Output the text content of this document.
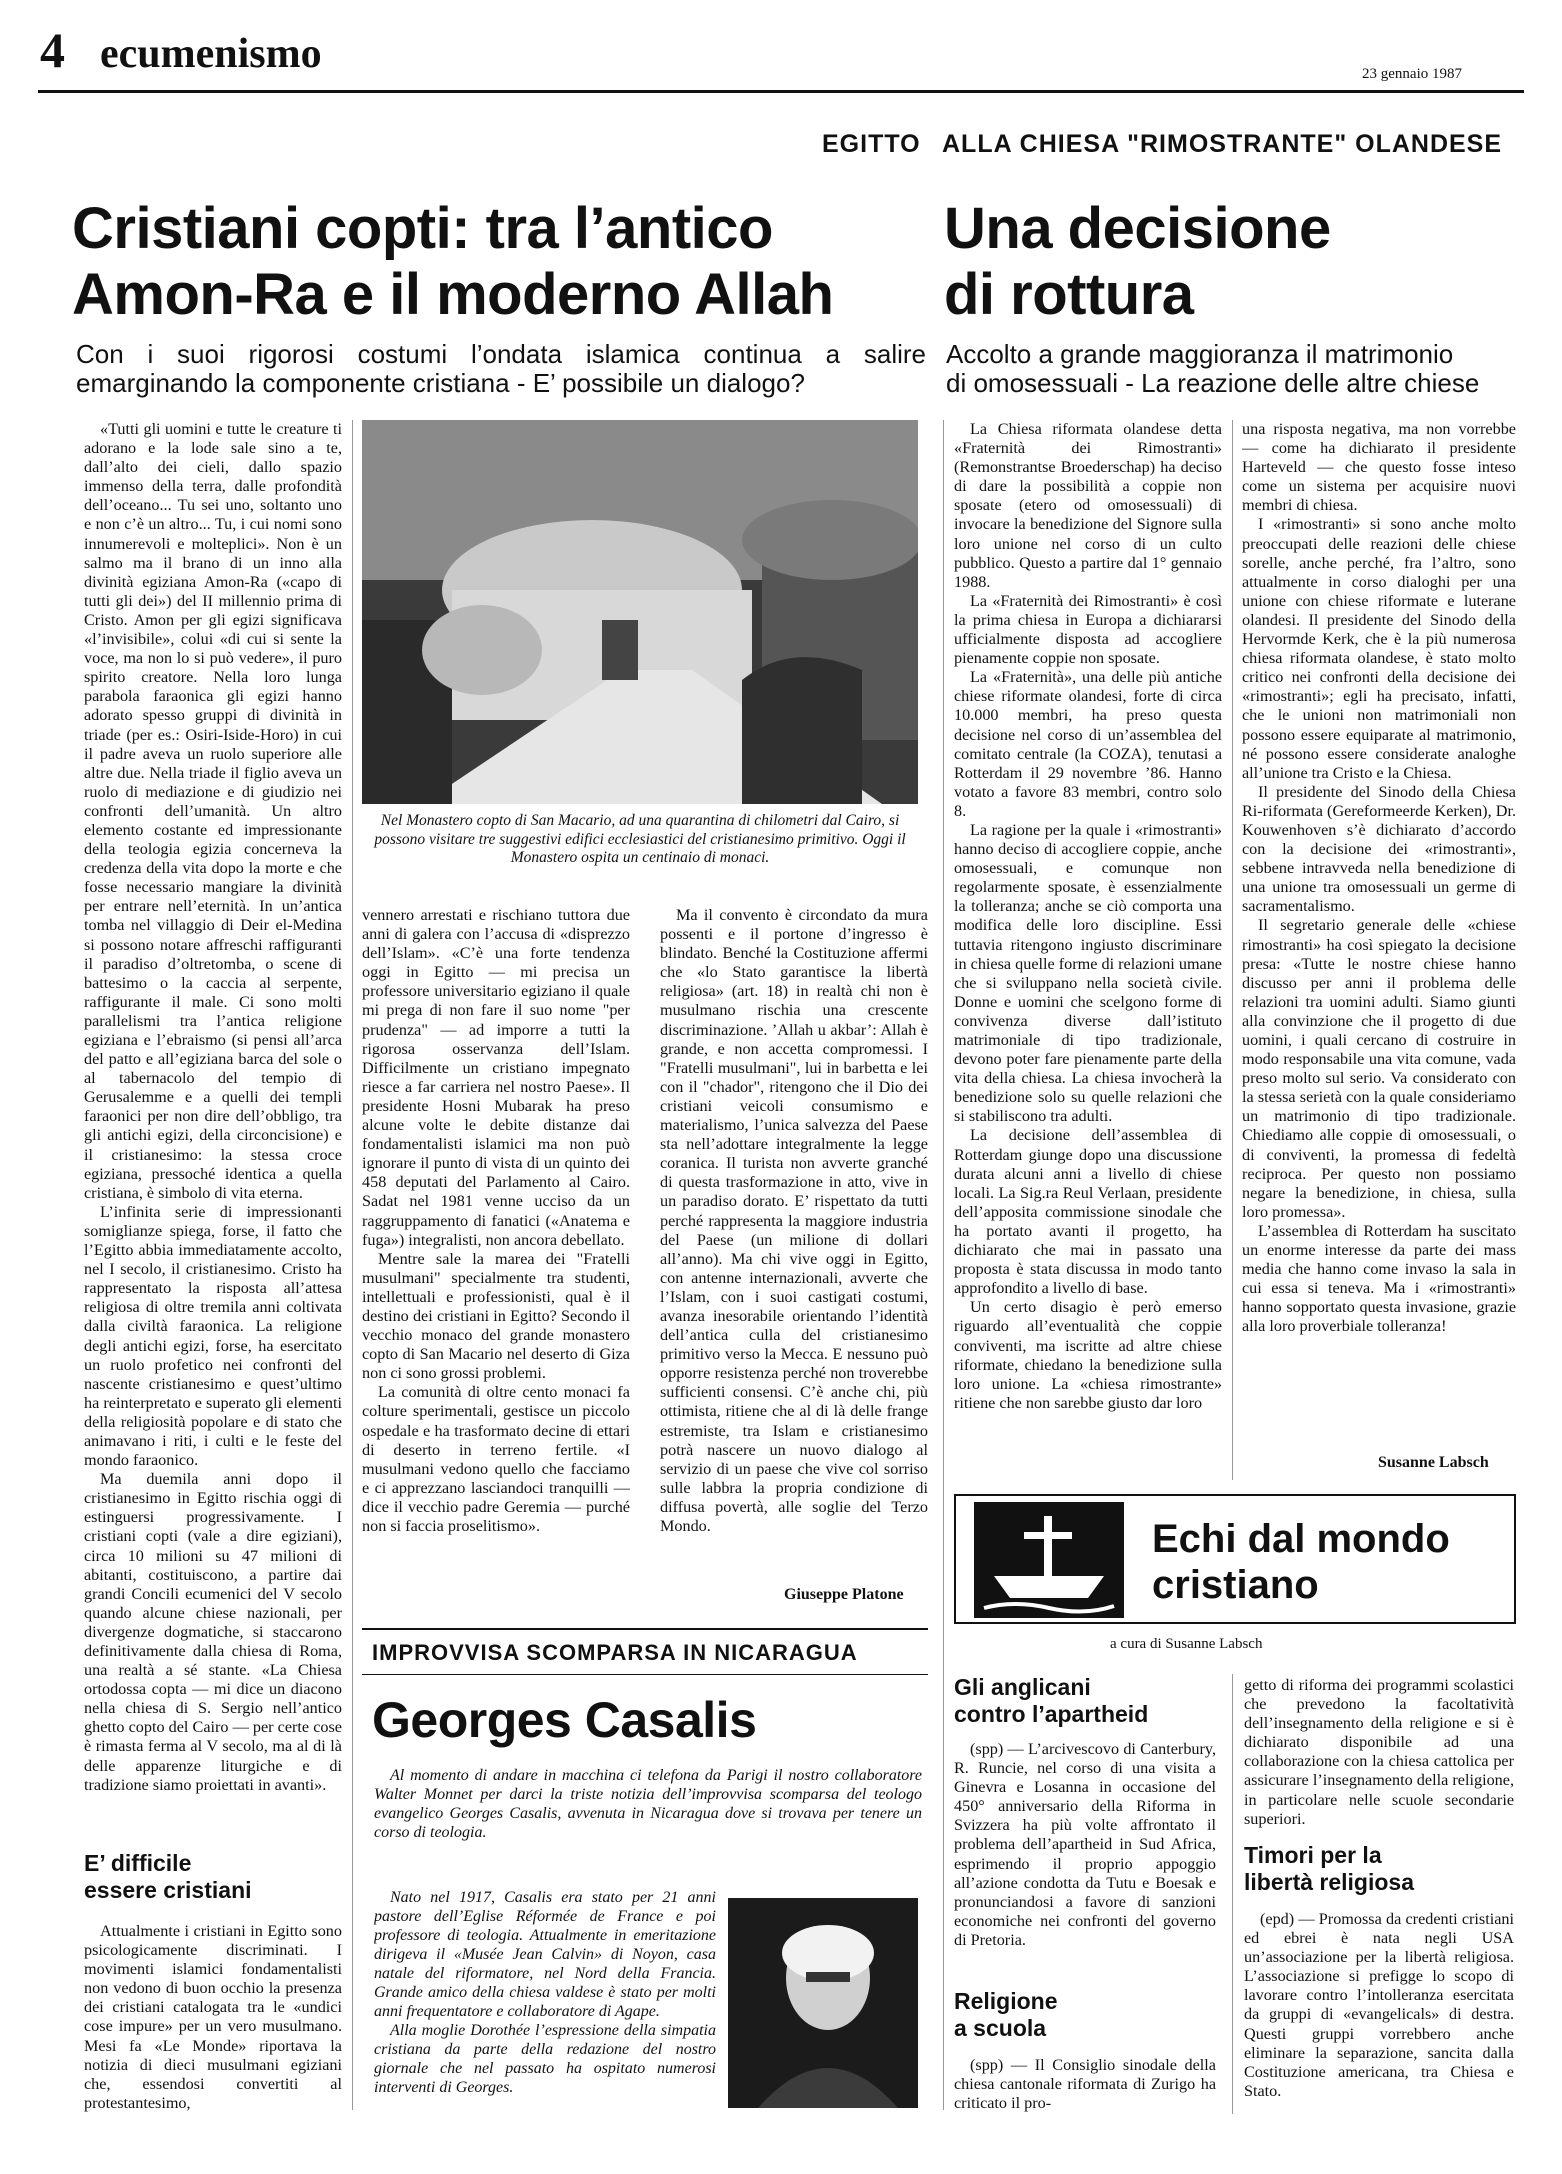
4 ecumenismo	23 gennaio 1987
EGITTO ALLA CHIESA "RIMOSTRANTE" OLANDESE
Cristiani copti: tra l’antico
Amon-Ra e il moderno Allah
Con i suoi rigorosi costumi l’ondata islamica continua a salire
emarginando la componente cristiana - E’ possibile un dialogo?

«Tutti gli uomini e tutte le creature ti adorano e la lode sale sino a te, dall’alto dei cieli, dallo spazio immenso della terra, dalle profondità dell’oceano... Tu sei uno, soltanto uno e non c’è un altro... Tu, i cui nomi sono innumerevoli e molteplici». Non è un salmo ma il brano di un inno alla divinità egiziana Amon-Ra («capo di tutti gli dei») del II millennio prima di Cristo. Amon per gli egizi significava «l’invisibile», colui «di cui si sente la voce, ma non lo si può vedere», il puro spirito creatore. Nella loro lunga parabola faraonica gli egizi hanno adorato spesso gruppi di divinità in triade (per es.: Osiri-Iside-Horo) in cui il padre aveva un ruolo superiore alle altre due. Nella triade il figlio aveva un ruolo di mediazione e di giudizio nei confronti dell’umanità. Un altro elemento costante ed impressionante della teologia egizia concerneva la credenza della vita dopo la morte e che fosse necessario mangiare la divinità per entrare nell’eternità. In un’antica tomba nel villaggio di Deir el-Medina si possono notare affreschi raffiguranti il paradiso d’oltretomba, o scene di battesimo o la caccia al serpente, raffigurante il male. Ci sono molti parallelismi tra l’antica religione egiziana e l’ebraismo (si pensi all’arca del patto e all’egiziana barca del sole o al tabernacolo del tempio di Gerusalemme e a quelli dei templi faraonici per non dire dell’obbligo, tra gli antichi egizi, della circoncisione) e il cristianesimo: la stessa croce egiziana, pressoché identica a quella cristiana, è simbolo di vita eterna.

L’infinita serie di impressionanti somiglianze spiega, forse, il fatto che l’Egitto abbia immediatamente accolto, nel I secolo, il cristianesimo. Cristo ha rappresentato la risposta all’attesa religiosa di oltre tremila anni coltivata dalla civiltà faraonica. La religione degli antichi egizi, forse, ha esercitato un ruolo profetico nei confronti del nascente cristianesimo e quest’ultimo ha reinterpretato e superato gli elementi della religiosità popolare e di stato che animavano i riti, i culti e le feste del mondo faraonico.

Ma duemila anni dopo il cristianesimo in Egitto rischia oggi di estinguersi progressivamente. I cristiani copti (vale a dire egiziani), circa 10 milioni su 47 milioni di abitanti, costituiscono, a partire dai grandi Concili ecumenici del V secolo quando alcune chiese nazionali, per divergenze dogmatiche, si staccarono definitivamente dalla chiesa di Roma, una realtà a sé stante. «La Chiesa ortodossa copta — mi dice un diacono nella chiesa di S. Sergio nell’antico ghetto copto del Cairo — per certe cose è rimasta ferma al V secolo, ma al di là delle apparenze liturgiche e di tradizione siamo proiettati in avanti».

E’ difficile
essere cristiani

Attualmente i cristiani in Egitto sono psicologicamente discriminati. I movimenti islamici fondamentalisti non vedono di buon occhio la presenza dei cristiani catalogata tra le «undici cose impure» per un vero musulmano. Mesi fa «Le Monde» riportava la notizia di dieci musulmani egiziani che, essendosi convertiti al protestantesimo,

Nel Monastero copto di San Macario, ad una quarantina di chilometri dal Cairo, si possono visitare tre suggestivi edifici ecclesiastici del cristianesimo primitivo. Oggi il Monastero ospita un centinaio di monaci.

vennero arrestati e rischiano tuttora due anni di galera con l’accusa di «disprezzo dell’Islam». «C’è una forte tendenza oggi in Egitto — mi precisa un professore universitario egiziano il quale mi prega di non fare il suo nome "per prudenza" — ad imporre a tutti la rigorosa osservanza dell’Islam. Difficilmente un cristiano impegnato riesce a far carriera nel nostro Paese». Il presidente Hosni Mubarak ha preso alcune volte le debite distanze dai fondamentalisti islamici ma non può ignorare il punto di vista di un quinto dei 458 deputati del Parlamento al Cairo. Sadat nel 1981 venne ucciso da un raggruppamento di fanatici («Anatema e fuga») integralisti, non ancora debellato.

Mentre sale la marea dei "Fratelli musulmani" specialmente tra studenti, intellettuali e professionisti, qual è il destino dei cristiani in Egitto? Secondo il vecchio monaco del grande monastero copto di San Macario nel deserto di Giza non ci sono grossi problemi.

La comunità di oltre cento monaci fa colture sperimentali, gestisce un piccolo ospedale e ha trasformato decine di ettari di deserto in terreno fertile. «I musulmani vedono quello che facciamo e ci apprezzano lasciandoci tranquilli — dice il vecchio padre Geremia — purché non si faccia proselitismo».

Ma il convento è circondato da mura possenti e il portone d’ingresso è blindato. Benché la Costituzione affermi che «lo Stato garantisce la libertà religiosa» (art. 18) in realtà chi non è musulmano rischia una crescente discriminazione. ’Allah u akbar’: Allah è grande, e non accetta compromessi. I "Fratelli musulmani", lui in barbetta e lei con il "chador", ritengono che il Dio dei cristiani veicoli consumismo e materialismo, l’unica salvezza del Paese sta nell’adottare integralmente la legge coranica. Il turista non avverte granché di questa trasformazione in atto, vive in un paradiso dorato. E’ rispettato da tutti perché rappresenta la maggiore industria del Paese (un milione di dollari all’anno). Ma chi vive oggi in Egitto, con antenne internazionali, avverte che l’Islam, con i suoi castigati costumi, avanza inesorabile orientando l’identità dell’antica culla del cristianesimo primitivo verso la Mecca. E nessuno può opporre resistenza perché non troverebbe sufficienti consensi. C’è anche chi, più ottimista, ritiene che al di là delle frange estremiste, tra Islam e cristianesimo potrà nascere un nuovo dialogo al servizio di un paese che vive col sorriso sulle labbra la propria condizione di diffusa povertà, alle soglie del Terzo Mondo.

Giuseppe Platone
IMPROVVISA SCOMPARSA IN NICARAGUA
Georges Casalis

Al momento di andare in macchina ci telefona da Parigi il nostro collaboratore Walter Monnet per darci la triste notizia dell’improvvisa scomparsa del teologo evangelico Georges Casalis, avvenuta in Nicaragua dove si trovava per tenere un corso di teologia.

Nato nel 1917, Casalis era stato per 21 anni pastore dell’Eglise Réformée de France e poi professore di teologia. Attualmente in emeritazione dirigeva il «Musée Jean Calvin» di Noyon, casa natale del riformatore, nel Nord della Francia. Grande amico della chiesa valdese è stato per molti anni frequentatore e collaboratore di Agape.

Alla moglie Dorothée l’espressione della simpatia cristiana da parte della redazione del nostro giornale che nel passato ha ospitato numerosi interventi di Georges.

Una decisione
di rottura
Accolto a grande maggioranza il matrimonio
di omosessuali - La reazione delle altre chiese

La Chiesa riformata olandese detta «Fraternità dei Rimostranti» (Remonstrantse Broederschap) ha deciso di dare la possibilità a coppie non sposate (etero od omosessuali) di invocare la benedizione del Signore sulla loro unione nel corso di un culto pubblico. Questo a partire dal 1° gennaio 1988.

La «Fraternità dei Rimostranti» è così la prima chiesa in Europa a dichiararsi ufficialmente disposta ad accogliere pienamente coppie non sposate.

La «Fraternità», una delle più antiche chiese riformate olandesi, forte di circa 10.000 membri, ha preso questa decisione nel corso di un’assemblea del comitato centrale (la COZA), tenutasi a Rotterdam il 29 novembre ’86. Hanno votato a favore 83 membri, contro solo 8.

La ragione per la quale i «rimostranti» hanno deciso di accogliere coppie, anche omosessuali, e comunque non regolarmente sposate, è essenzialmente la tolleranza; anche se ciò comporta una modifica delle loro discipline. Essi tuttavia ritengono ingiusto discriminare in chiesa quelle forme di relazioni umane che si sviluppano nella società civile. Donne e uomini che scelgono forme di convivenza diverse dall’istituto matrimoniale di tipo tradizionale, devono poter fare pienamente parte della vita della chiesa. La chiesa invocherà la benedizione solo su quelle relazioni che si stabiliscono tra adulti.

La decisione dell’assemblea di Rotterdam giunge dopo una discussione durata alcuni anni a livello di chiese locali. La Sig.ra Reul Verlaan, presidente dell’apposita commissione sinodale che ha portato avanti il progetto, ha dichiarato che mai in passato una proposta è stata discussa in modo tanto approfondito a livello di base.

Un certo disagio è però emerso riguardo all’eventualità che coppie conviventi, ma iscritte ad altre chiese riformate, chiedano la benedizione sulla loro unione. La «chiesa rimostrante» ritiene che non sarebbe giusto dar loro

una risposta negativa, ma non vorrebbe — come ha dichiarato il presidente Harteveld — che questo fosse inteso come un sistema per acquisire nuovi membri di chiesa.

I «rimostranti» si sono anche molto preoccupati delle reazioni delle chiese sorelle, anche perché, fra l’altro, sono attualmente in corso dialoghi per una unione con chiese riformate e luterane olandesi. Il presidente del Sinodo della Hervormde Kerk, che è la più numerosa chiesa riformata olandese, è stato molto critico nei confronti della decisione dei «rimostranti»; egli ha precisato, infatti, che le unioni non matrimoniali non possono essere equiparate al matrimonio, né possono essere considerate analoghe all’unione tra Cristo e la Chiesa.

Il presidente del Sinodo della Chiesa Ri-riformata (Gereformeerde Kerken), Dr. Kouwenhoven s’è dichiarato d’accordo con la decisione dei «rimostranti», sebbene intravveda nella benedizione di una unione tra omosessuali un germe di sacramentalismo.

Il segretario generale delle «chiese rimostranti» ha così spiegato la decisione presa: «Tutte le nostre chiese hanno discusso per anni il problema delle relazioni tra uomini adulti. Siamo giunti alla convinzione che il progetto di due uomini, i quali cercano di costruire in modo responsabile una vita comune, vada preso molto sul serio. Va considerato con la stessa serietà con la quale consideriamo un matrimonio di tipo tradizionale. Chiediamo alle coppie di omosessuali, o di conviventi, la promessa di fedeltà reciproca. Per questo non possiamo negare la benedizione, in chiesa, sulla loro promessa».

L’assemblea di Rotterdam ha suscitato un enorme interesse da parte dei mass media che hanno come invaso la sala in cui essa si teneva. Ma i «rimostranti» hanno sopportato questa invasione, grazie alla loro proverbiale tolleranza!

Susanne Labsch
Echi dal mondo
cristiano
a cura di Susanne Labsch
Gli anglicani
contro l’apartheid

(spp) — L’arcivescovo di Canterbury, R. Runcie, nel corso di una visita a Ginevra e Losanna in occasione del 450° anniversario della Riforma in Svizzera ha più volte affrontato il problema dell’apartheid in Sud Africa, esprimendo il proprio appoggio all’azione condotta da Tutu e Boesak e pronunciandosi a favore di sanzioni economiche nei confronti del governo di Pretoria.

Religione
a scuola

(spp) — Il Consiglio sinodale della chiesa cantonale riformata di Zurigo ha criticato il pro-

getto di riforma dei programmi scolastici che prevedono la facoltatività dell’insegnamento della religione e si è dichiarato disponibile ad una collaborazione con la chiesa cattolica per assicurare l’insegnamento della religione, in particolare nelle scuole secondarie superiori.

Timori per la
libertà religiosa

(epd) — Promossa da credenti cristiani ed ebrei è nata negli USA un’associazione per la libertà religiosa. L’associazione si prefigge lo scopo di lavorare contro l’intolleranza esercitata da gruppi di «evangelicals» di destra. Questi gruppi vorrebbero anche eliminare la separazione, sancita dalla Costituzione americana, tra Chiesa e Stato.
